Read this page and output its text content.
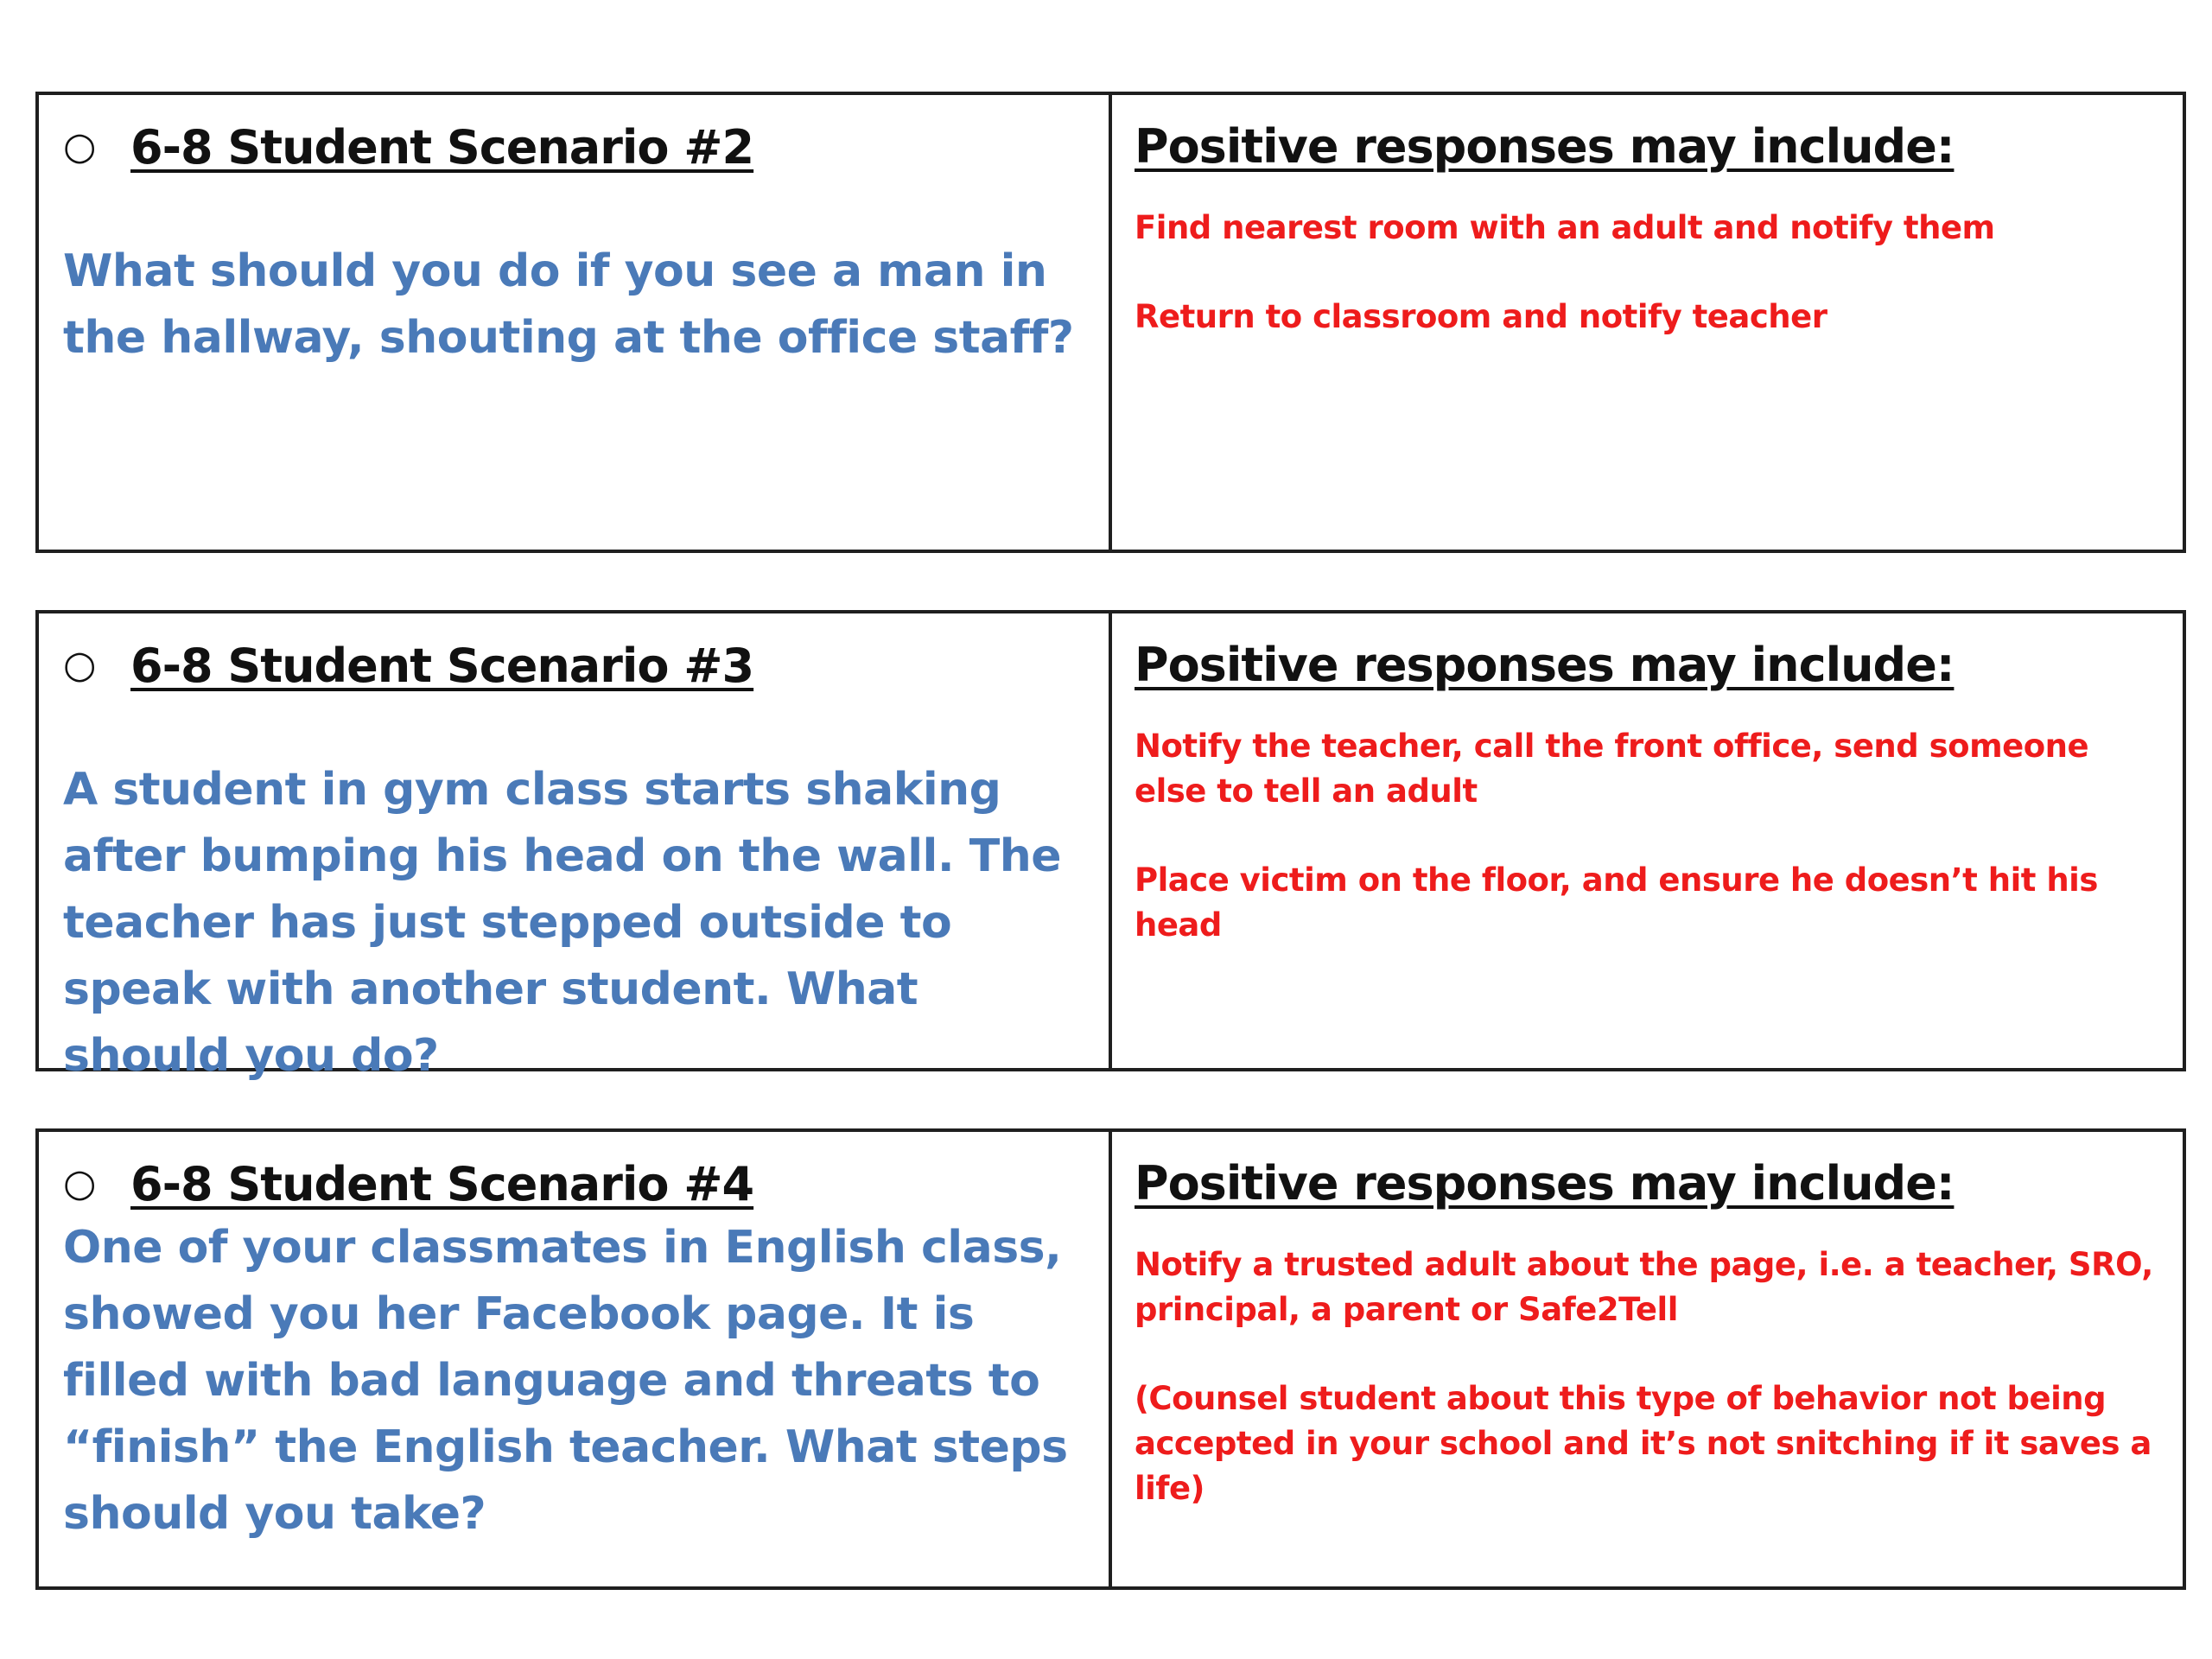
○ 6-8 Student Scenario #2
What should you do if you see a man in the hallway, shouting at the office staff?
Positive responses may include:

Find nearest room with an adult and notify them

Return to classroom and notify teacher

○ 6-8 Student Scenario #3
A student in gym class starts shaking after bumping his head on the wall. The teacher has just stepped outside to speak with another student. What should you do?
Positive responses may include:

Notify the teacher, call the front office, send someone else to tell an adult

Place victim on the floor, and ensure he doesn’t hit his head

○ 6-8 Student Scenario #4
One of your classmates in English class, showed you her Facebook page. It is filled with bad language and threats to “finish” the English teacher. What steps should you take?
Positive responses may include:

Notify a trusted adult about the page, i.e. a teacher, SRO, principal, a parent or Safe2Tell

(Counsel student about this type of behavior not being accepted in your school and it’s not snitching if it saves a life)
